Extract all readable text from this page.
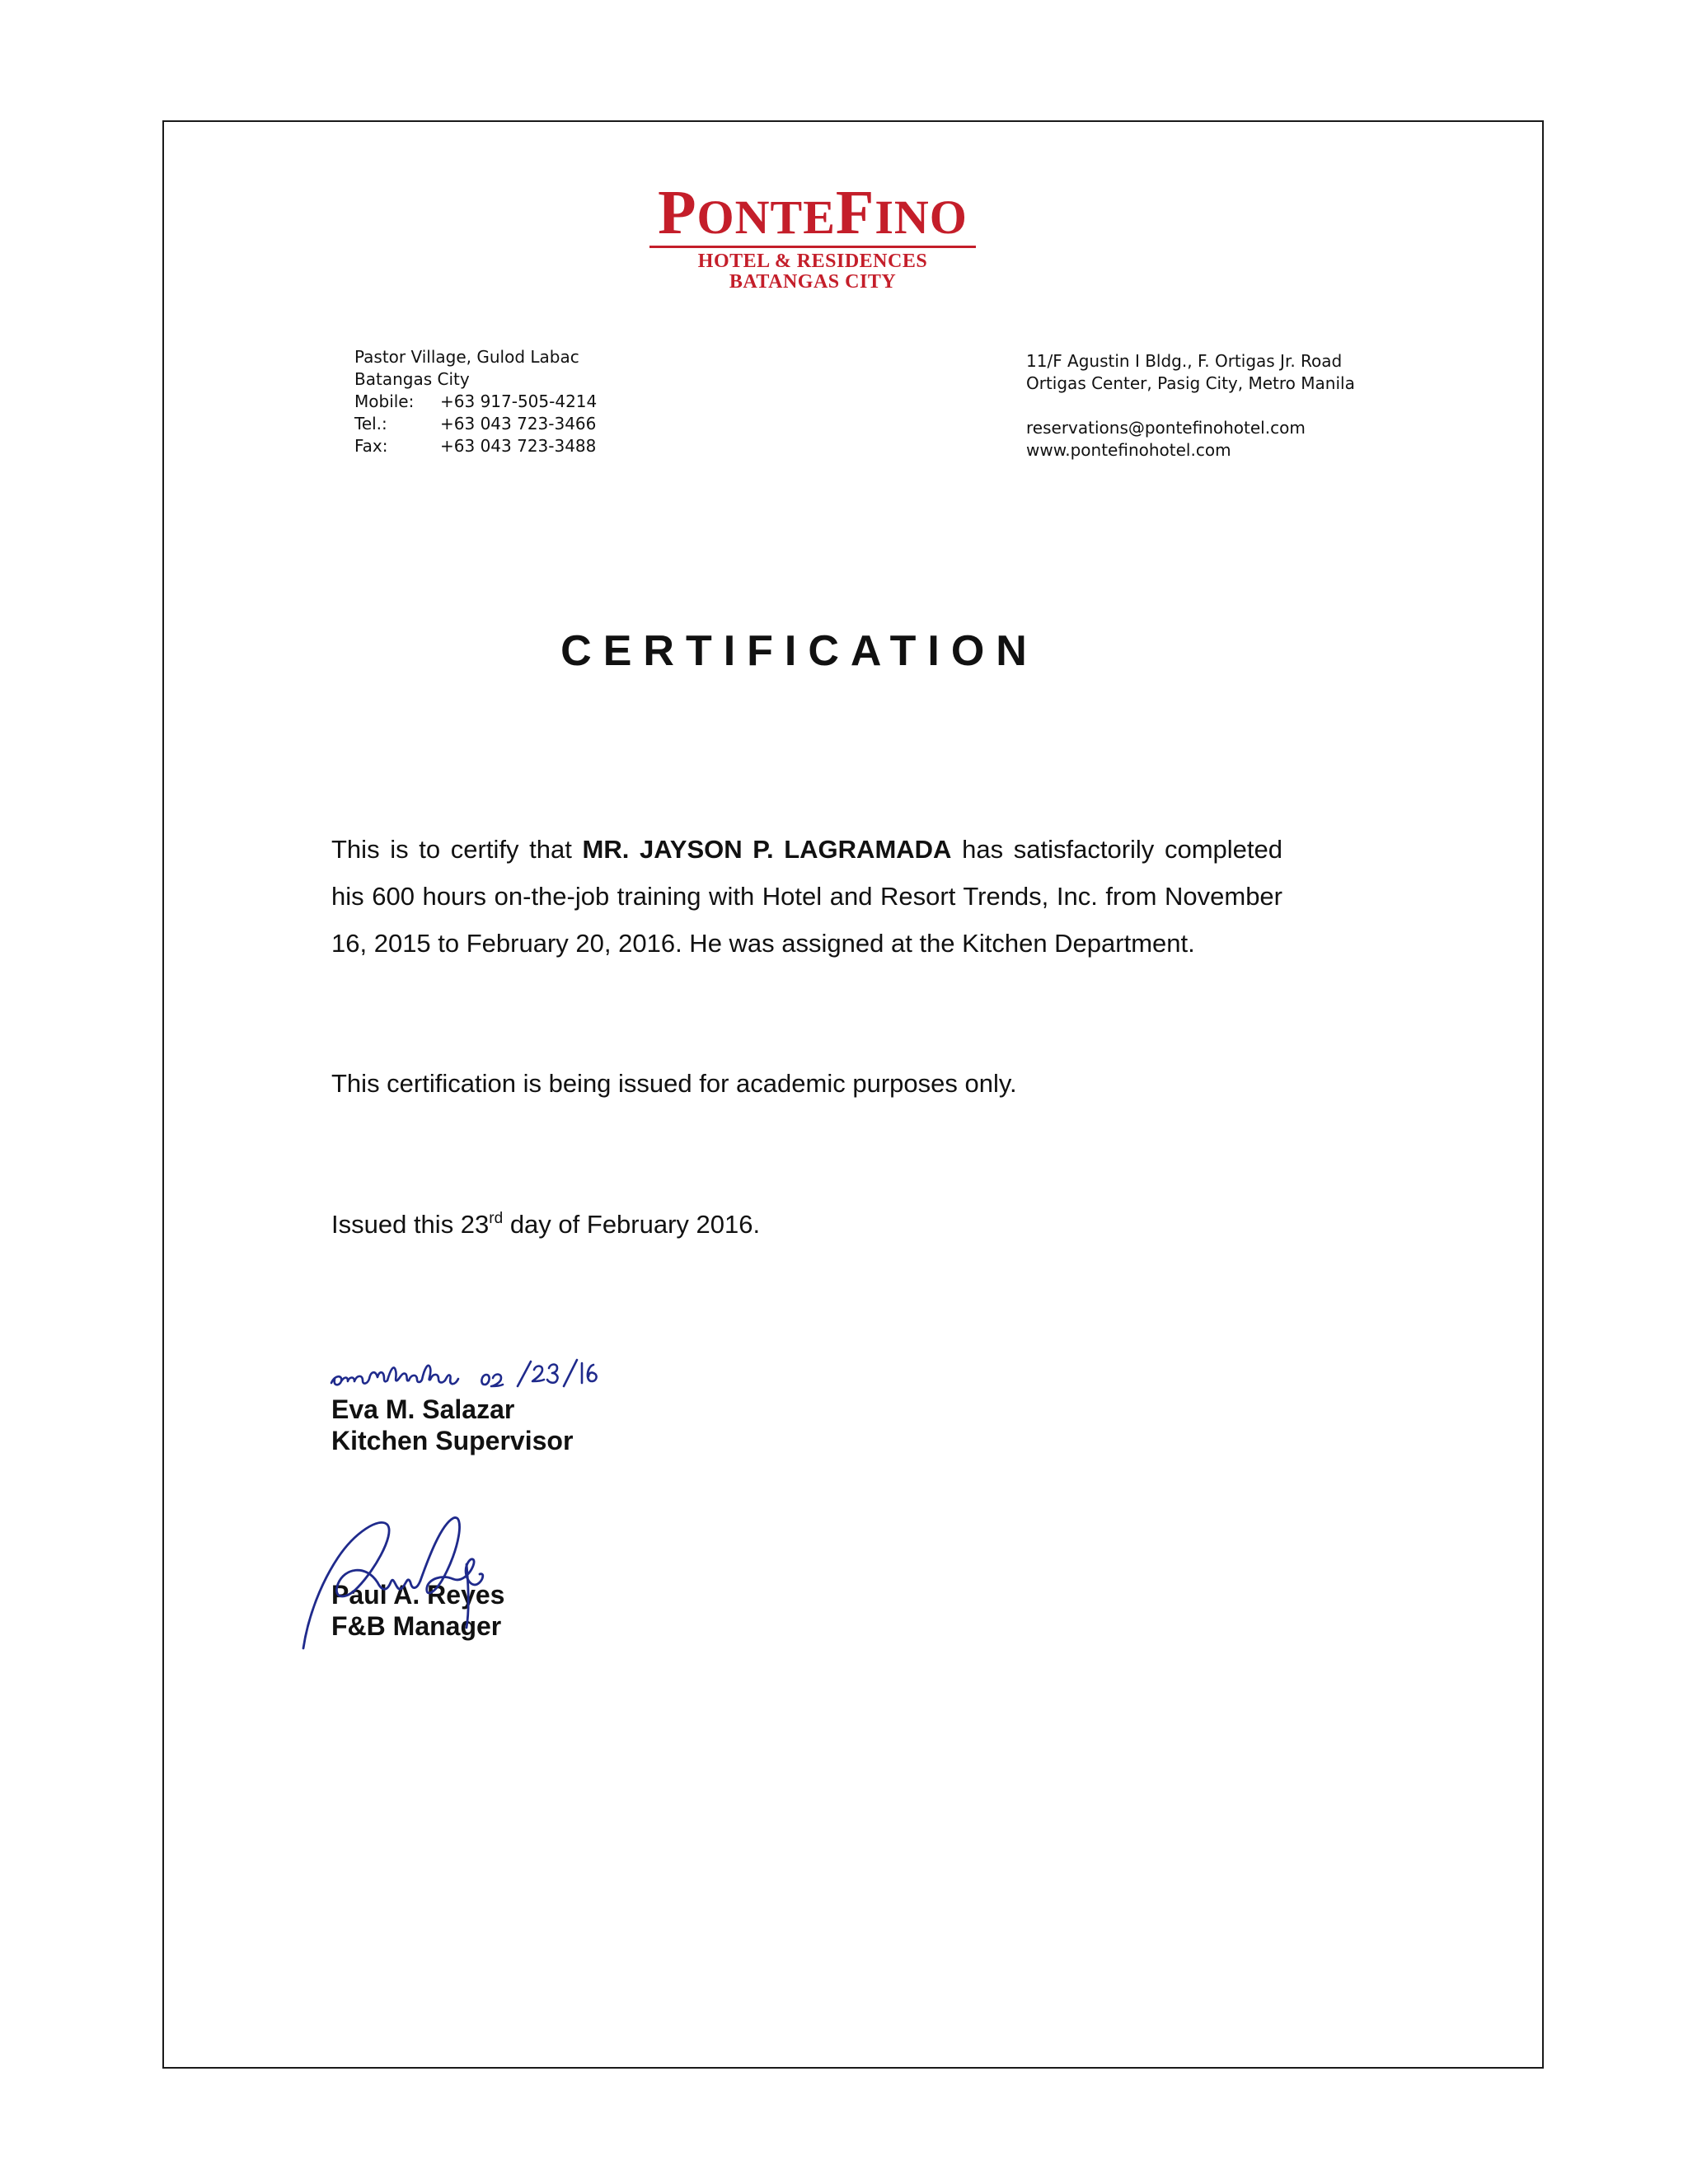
PONTEFINO
HOTEL & RESIDENCES
BATANGAS CITY
Pastor Village, Gulod Labac
Batangas City
Mobile:	+63 917-505-4214
Tel.:	+63 043 723-3466
Fax:	+63 043 723-3488
11/F Agustin I Bldg., F. Ortigas Jr. Road
Ortigas Center, Pasig City, Metro Manila
reservations@pontefinohotel.com
www.pontefinohotel.com
CERTIFICATION
This is to certify that MR. JAYSON P. LAGRAMADA has satisfactorily completed his 600 hours on-the-job training with Hotel and Resort Trends, Inc. from November 16, 2015 to February 20, 2016. He was assigned at the Kitchen Department.
This certification is being issued for academic purposes only.
Issued this 23rd day of February 2016.
Eva M. Salazar
Kitchen Supervisor
Paul A. Reyes
F&B Manager
